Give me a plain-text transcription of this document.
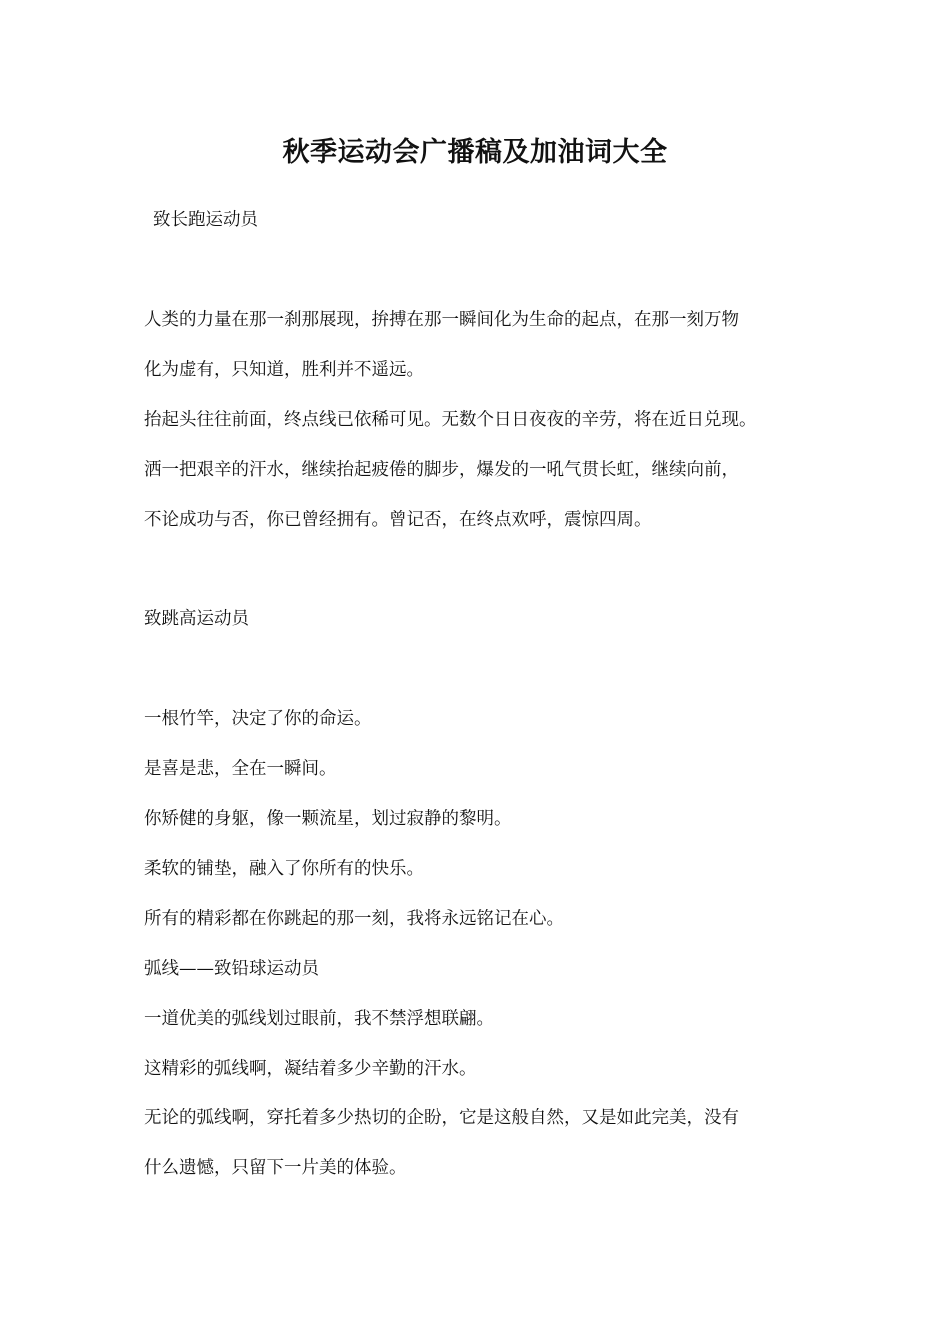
秋季运动会广播稿及加油词大全
致长跑运动员
人类的力量在那一刹那展现，拚搏在那一瞬间化为生命的起点，在那一刻万物
化为虚有，只知道，胜利并不遥远。
抬起头往往前面，终点线已依稀可见。无数个日日夜夜的辛劳，将在近日兑现。
洒一把艰辛的汗水，继续抬起疲倦的脚步，爆发的一吼气贯长虹，继续向前，
不论成功与否，你已曾经拥有。曾记否，在终点欢呼，震惊四周。
致跳高运动员
一根竹竿，决定了你的命运。
是喜是悲，全在一瞬间。
你矫健的身躯，像一颗流星，划过寂静的黎明。
柔软的铺垫，融入了你所有的快乐。
所有的精彩都在你跳起的那一刻，我将永远铭记在心。
弧线——致铅球运动员
一道优美的弧线划过眼前，我不禁浮想联翩。
这精彩的弧线啊，凝结着多少辛勤的汗水。
无论的弧线啊，穿托着多少热切的企盼，它是这般自然，又是如此完美，没有
什么遗憾，只留下一片美的体验。
